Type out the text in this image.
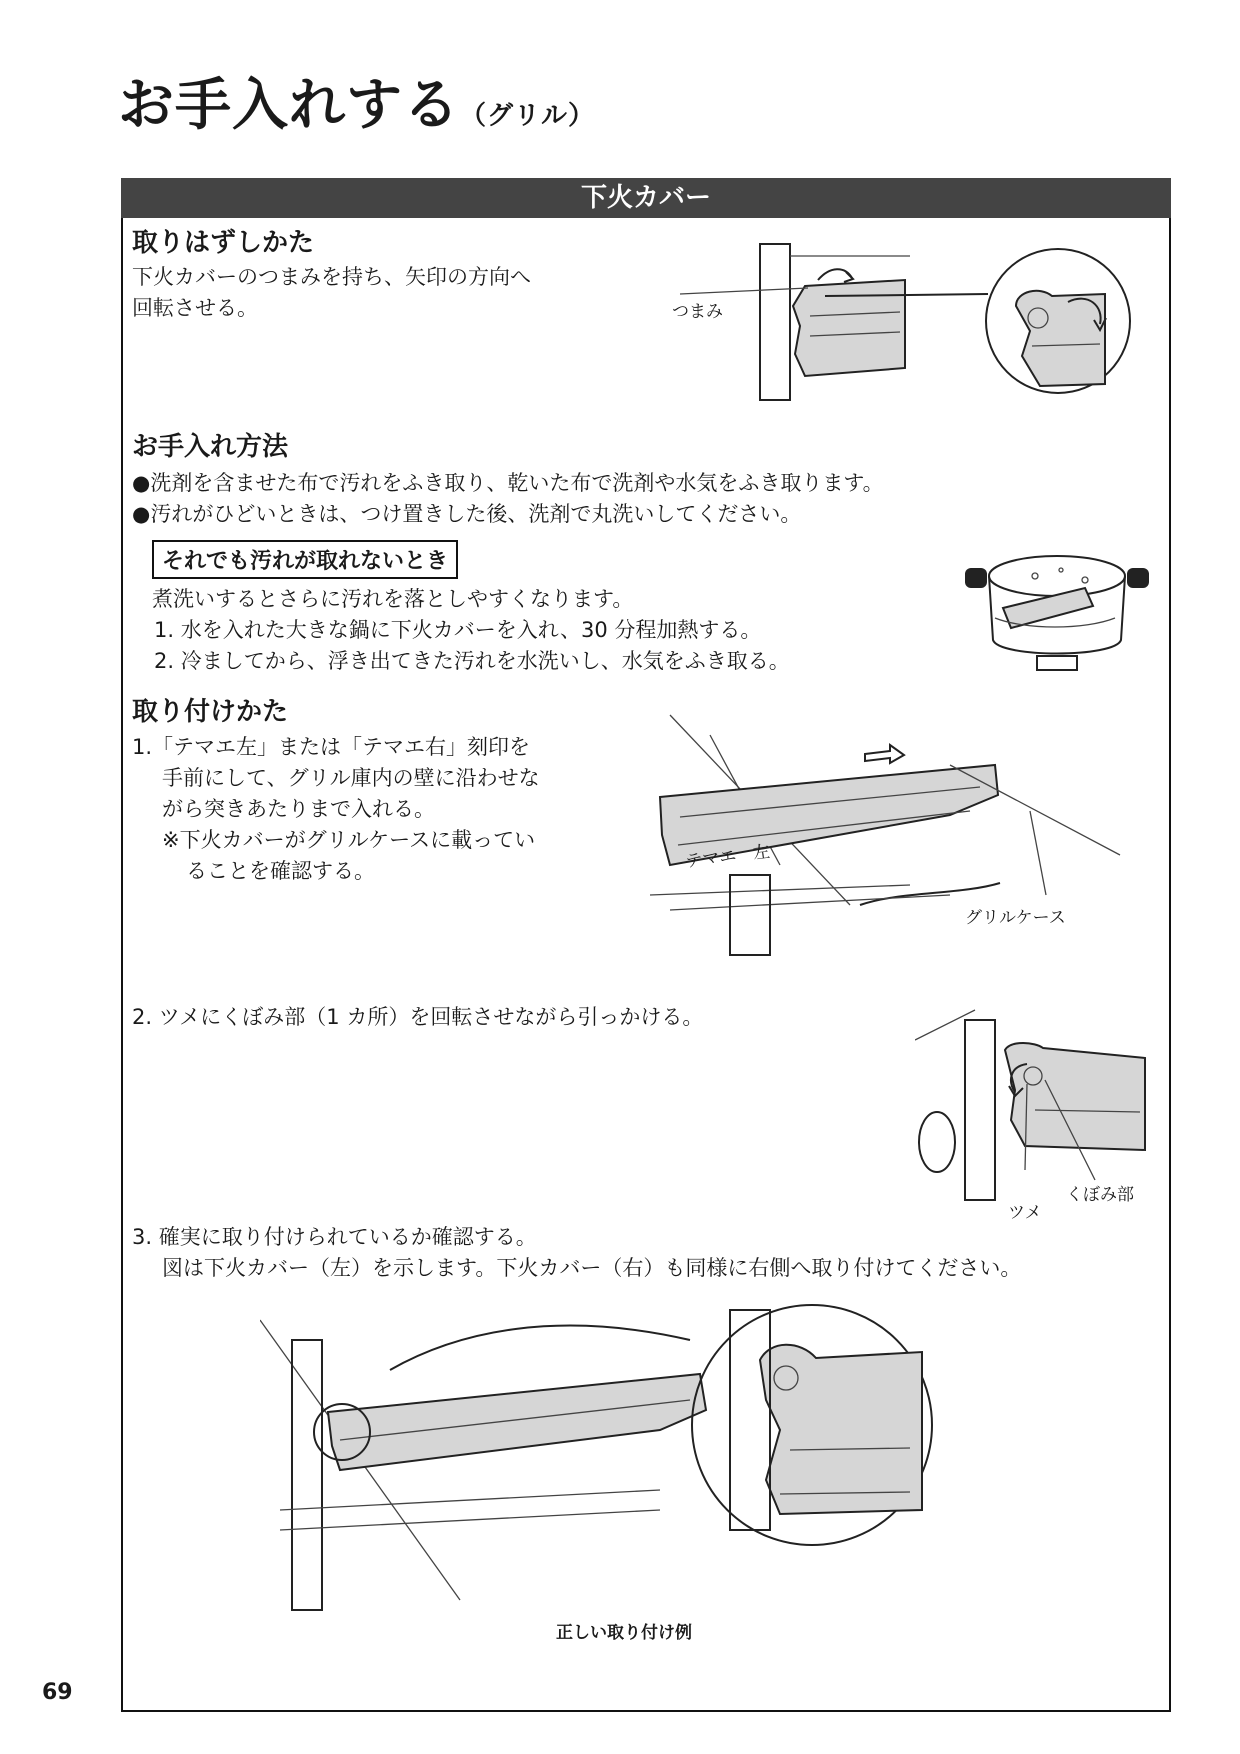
お手入れする（グリル）
下火カバー
取りはずしかた
下火カバーのつまみを持ち、矢印の方向へ
回転させる。	つまみ
お手入れ方法
●洗剤を含ませた布で汚れをふき取り、乾いた布で洗剤や水気をふき取ります。
●汚れがひどいときは、つけ置きした後、洗剤で丸洗いしてください。
それでも汚れが取れないとき
煮洗いするとさらに汚れを落としやすくなります。
1. 水を入れた大きな鍋に下火カバーを入れ、30 分程加熱する。
2. 冷ましてから、浮き出てきた汚れを水洗いし、水気をふき取る。
取り付けかた
1.「テマエ左」または「テマエ右」刻印を
手前にして、グリル庫内の壁に沿わせな
がら突きあたりまで入れる。
※下火カバーがグリルケースに載ってい
ることを確認する。
グリルケース
テマエ　左
2. ツメにくぼみ部（1 カ所）を回転させながら引っかける。
くぼみ部
ツメ
3. 確実に取り付けられているか確認する。
図は下火カバー（左）を示します。下火カバー（右）も同様に右側へ取り付けてください。
正しい取り付け例
69
